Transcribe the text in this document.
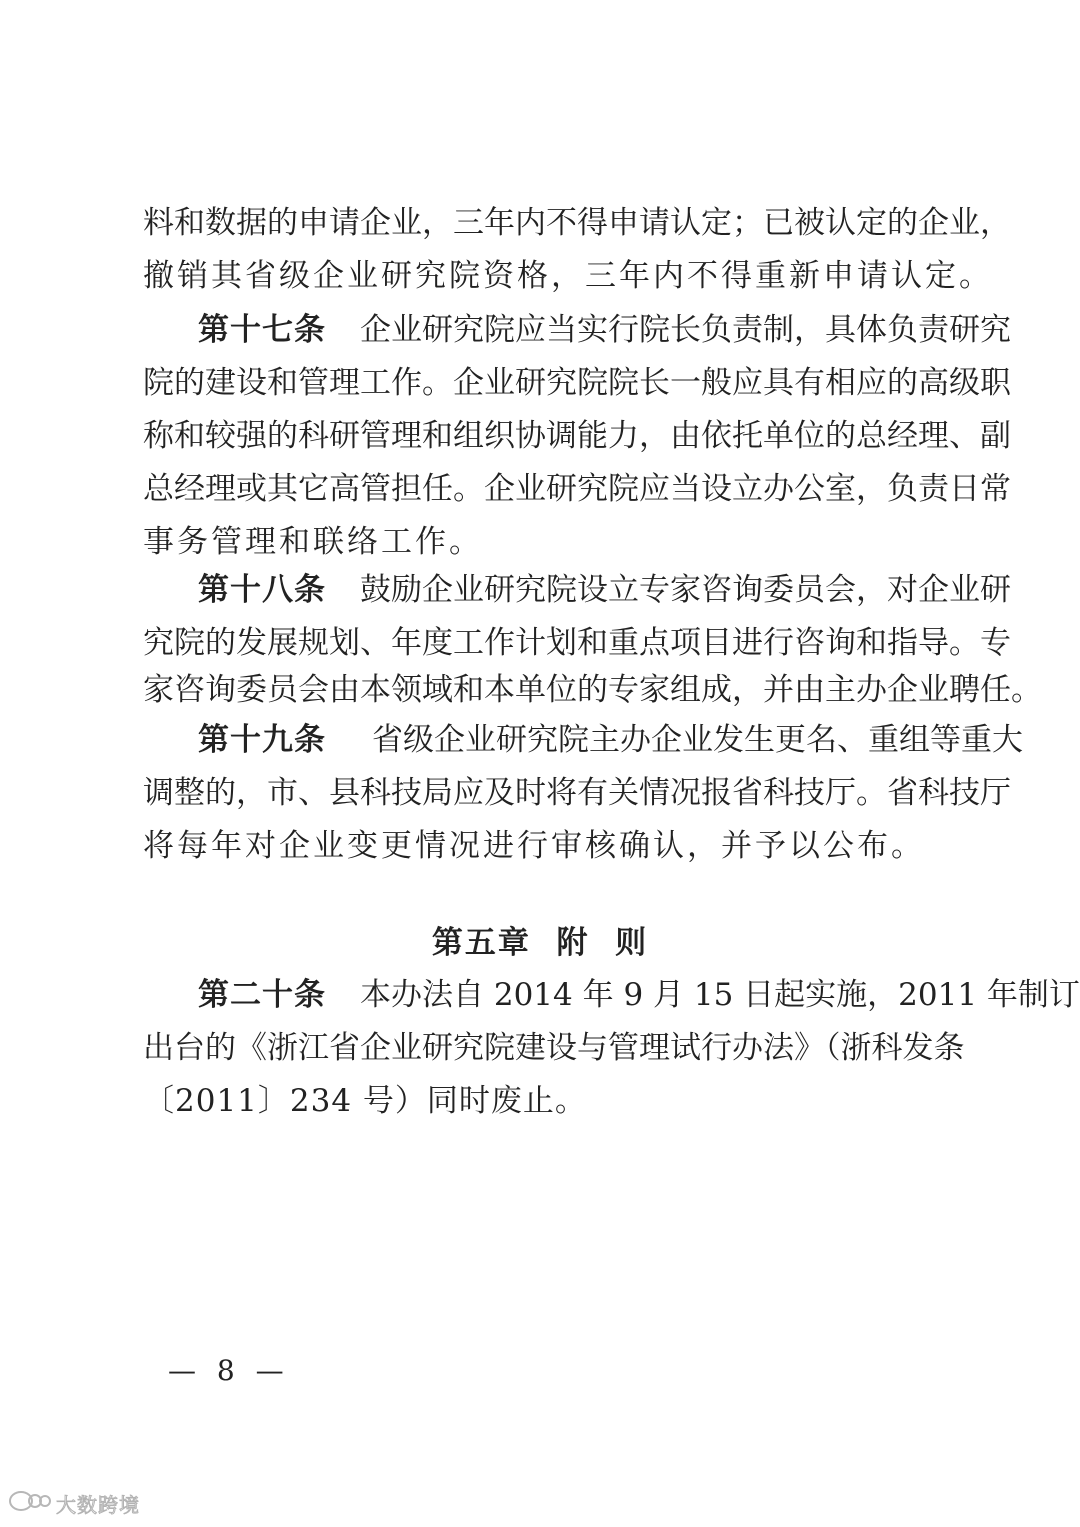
料和数据的申请企业，三年内不得申请认定；已被认定的企业，
撤销其省级企业研究院资格，三年内不得重新申请认定。
第十七条 企业研究院应当实行院长负责制，具体负责研究
院的建设和管理工作。企业研究院院长一般应具有相应的高级职
称和较强的科研管理和组织协调能力，由依托单位的总经理、副
总经理或其它高管担任。企业研究院应当设立办公室，负责日常
事务管理和联络工作。
第十八条 鼓励企业研究院设立专家咨询委员会，对企业研
究院的发展规划、年度工作计划和重点项目进行咨询和指导。专
家咨询委员会由本领域和本单位的专家组成，并由主办企业聘任。
第十九条 省级企业研究院主办企业发生更名、重组等重大
调整的，市、县科技局应及时将有关情况报省科技厅。省科技厅
将每年对企业变更情况进行审核确认，并予以公布。
第五章  附  则
第二十条 本办法自 2014 年 9 月 15 日起实施，2011 年制订
出台的《浙江省企业研究院建设与管理试行办法》（浙科发条
〔2011〕234 号）同时废止。
— 8 —
大数跨境
